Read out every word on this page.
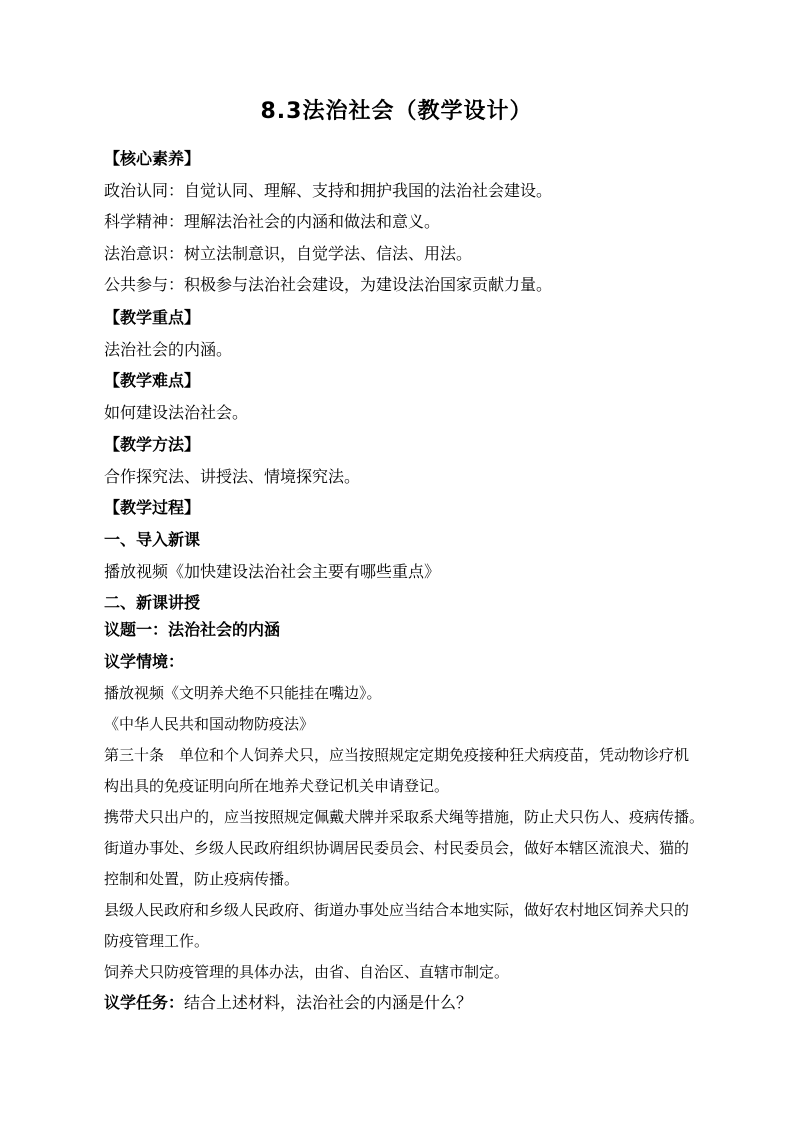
8.3法治社会（教学设计）
【核心素养】
政治认同：自觉认同、理解、支持和拥护我国的法治社会建设。
科学精神：理解法治社会的内涵和做法和意义。
法治意识：树立法制意识，自觉学法、信法、用法。
公共参与：积极参与法治社会建设，为建设法治国家贡献力量。
【教学重点】
法治社会的内涵。
【教学难点】
如何建设法治社会。
【教学方法】
合作探究法、讲授法、情境探究法。
【教学过程】
一、导入新课
播放视频《加快建设法治社会主要有哪些重点》
二、新课讲授
议题一：法治社会的内涵
议学情境：
播放视频《文明养犬绝不只能挂在嘴边》。
《中华人民共和国动物防疫法》
第三十条　单位和个人饲养犬只，应当按照规定定期免疫接种狂犬病疫苗，凭动物诊疗机
构出具的免疫证明向所在地养犬登记机关申请登记。
携带犬只出户的，应当按照规定佩戴犬牌并采取系犬绳等措施，防止犬只伤人、疫病传播。
街道办事处、乡级人民政府组织协调居民委员会、村民委员会，做好本辖区流浪犬、猫的
控制和处置，防止疫病传播。
县级人民政府和乡级人民政府、街道办事处应当结合本地实际，做好农村地区饲养犬只的
防疫管理工作。
饲养犬只防疫管理的具体办法，由省、自治区、直辖市制定。
议学任务：结合上述材料，法治社会的内涵是什么？
